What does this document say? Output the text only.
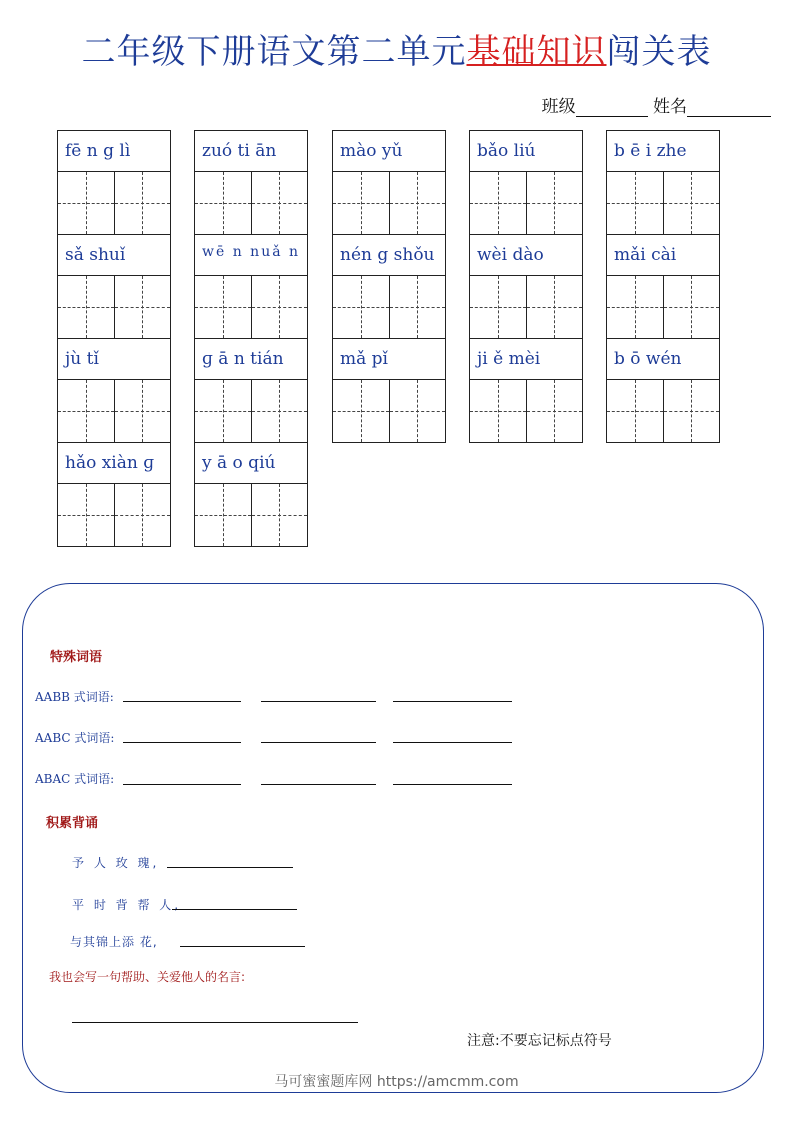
二年级下册语文第二单元基础知识闯关表
班级	姓名
fē n g lì
sǎ shuǐ
jù tǐ
hǎo xiàn ɡ
zuó ti ān
wē n nuǎ n
ɡ ā n tián
y ā o qiú
mào yǔ
nén g shǒu
mǎ pǐ
bǎo liú
wèi dào
ji ě mèi
b ē i zhe
mǎi cài
b ō wén
特殊词语
AABB 式词语:
AABC 式词语:
ABAC 式词语:
积累背诵
予 人 玫 瑰,
平 时 背 帮 人,
与其锦上添 花,
我也会写一句帮助、关爱他人的名言:
注意:不要忘记标点符号
马可蜜蜜题库网 https://amcmm.com
